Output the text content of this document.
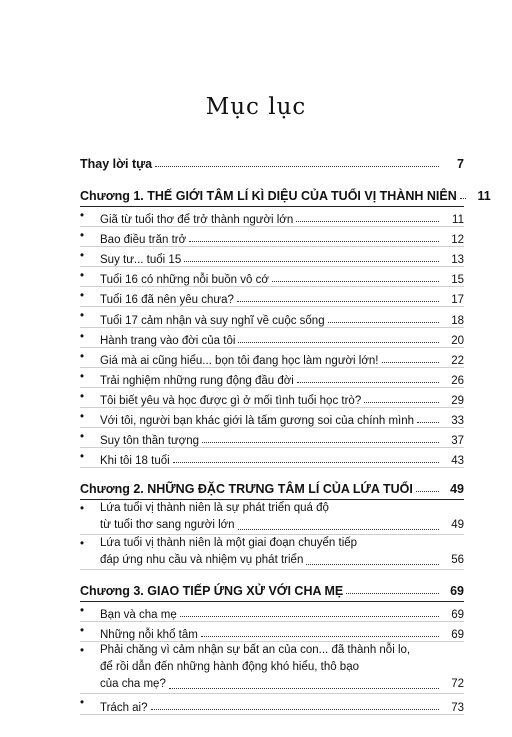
Mục lục
Thay lời tựa	7
Chương 1. THẾ GIỚI TÂM LÍ KÌ DIỆU CỦA TUỔI VỊ THÀNH NIÊN	11
•	Giã từ tuổi thơ để trở thành người lớn	11
•	Bao điều trăn trở	12
•	Suy tư... tuổi 15	13
•	Tuổi 16 có những nỗi buồn vô cớ	15
•	Tuổi 16 đã nên yêu chưa?	17
•	Tuổi 17 cảm nhận và suy nghĩ về cuộc sống	18
•	Hành trang vào đời của tôi	20
•	Giá mà ai cũng hiểu... bọn tôi đang học làm người lớn!	22
•	Trải nghiệm những rung động đầu đời	26
•	Tôi biết yêu và học được gì ở mối tình tuổi học trò?	29
•	Với tôi, người bạn khác giới là tấm gương soi của chính mình	33
•	Suy tôn thần tượng	37
•	Khi tôi 18 tuổi	43
Chương 2. NHỮNG ĐẶC TRƯNG TÂM LÍ CỦA LỨA TUỔI	49
•	Lứa tuổi vị thành niên là sự phát triển quá độ
từ tuổi thơ sang người lớn	49
•	Lứa tuổi vị thành niên là một giai đoạn chuyển tiếp
đáp ứng nhu cầu và nhiệm vụ phát triển	56
Chương 3. GIAO TIẾP ỨNG XỬ VỚI CHA MẸ	69
•	Bạn và cha mẹ	69
•	Những nỗi khổ tâm	69
•	Phải chăng vì cảm nhận sự bất an của con... đã thành nỗi lo,
để rồi dẫn đến những hành động khó hiểu, thô bạo
của cha mẹ?	72
•	Trách ai?	73
